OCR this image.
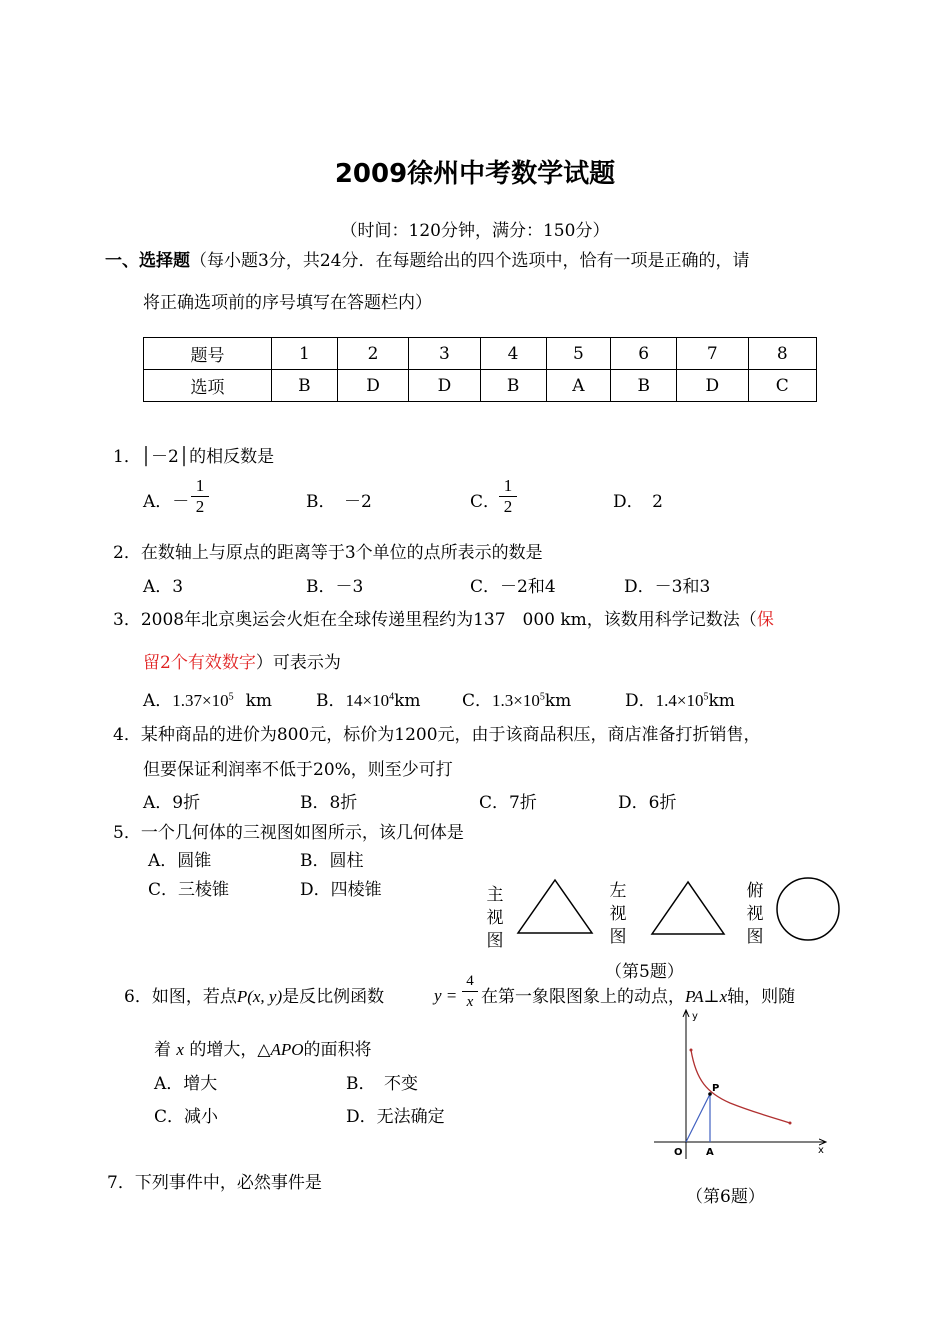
2009徐州中考数学试题
（时间：120分钟，满分：150分）
一、选择题（每小题3分，共24分．在每题给出的四个选项中，恰有一项是正确的，请
将正确选项前的序号填写在答题栏内）
题号	1	2	3	4	5	6	7	8
选项	B	D	D	B	A	B	D	C
1．│－2│的相反数是
A．－
1
2	B．　－2	C．
1
2	D．　2
2．在数轴上与原点的距离等于3个单位的点所表示的数是
A．3	B．－3	C．－2和4	D．－3和3
3．2008年北京奥运会火炬在全球传递里程约为137　000 km，该数用科学记数法（保
留2个有效数字）可表示为
A．$1.37\times 10^5$ km	B．$14\times 10^4km$ C．$1.3\times 10^5km$	D．$1.4\times 10^5km$
4．某种商品的进价为800元，标价为1200元，由于该商品积压，商店准备打折销售，
但要保证利润率不低于20%，则至少可打
A．9折	B．8折	C．7折	D．6折
5．一个几何体的三视图如图所示，该几何体是
A．圆锥	B．圆柱
C．三棱锥	D．四棱锥	主视图
左视图
俯视图
（第5题）
6．如图，若点P(x, y)是反比例函数	y =
4
x 在第一象限图象上的动点，PA⊥x轴，则随
着 x 的增大，△APO的面积将
A．增大	B．　不变
C．减小	D．无法确定
y
x
O A
P
（第6题）
7．下列事件中，必然事件是
